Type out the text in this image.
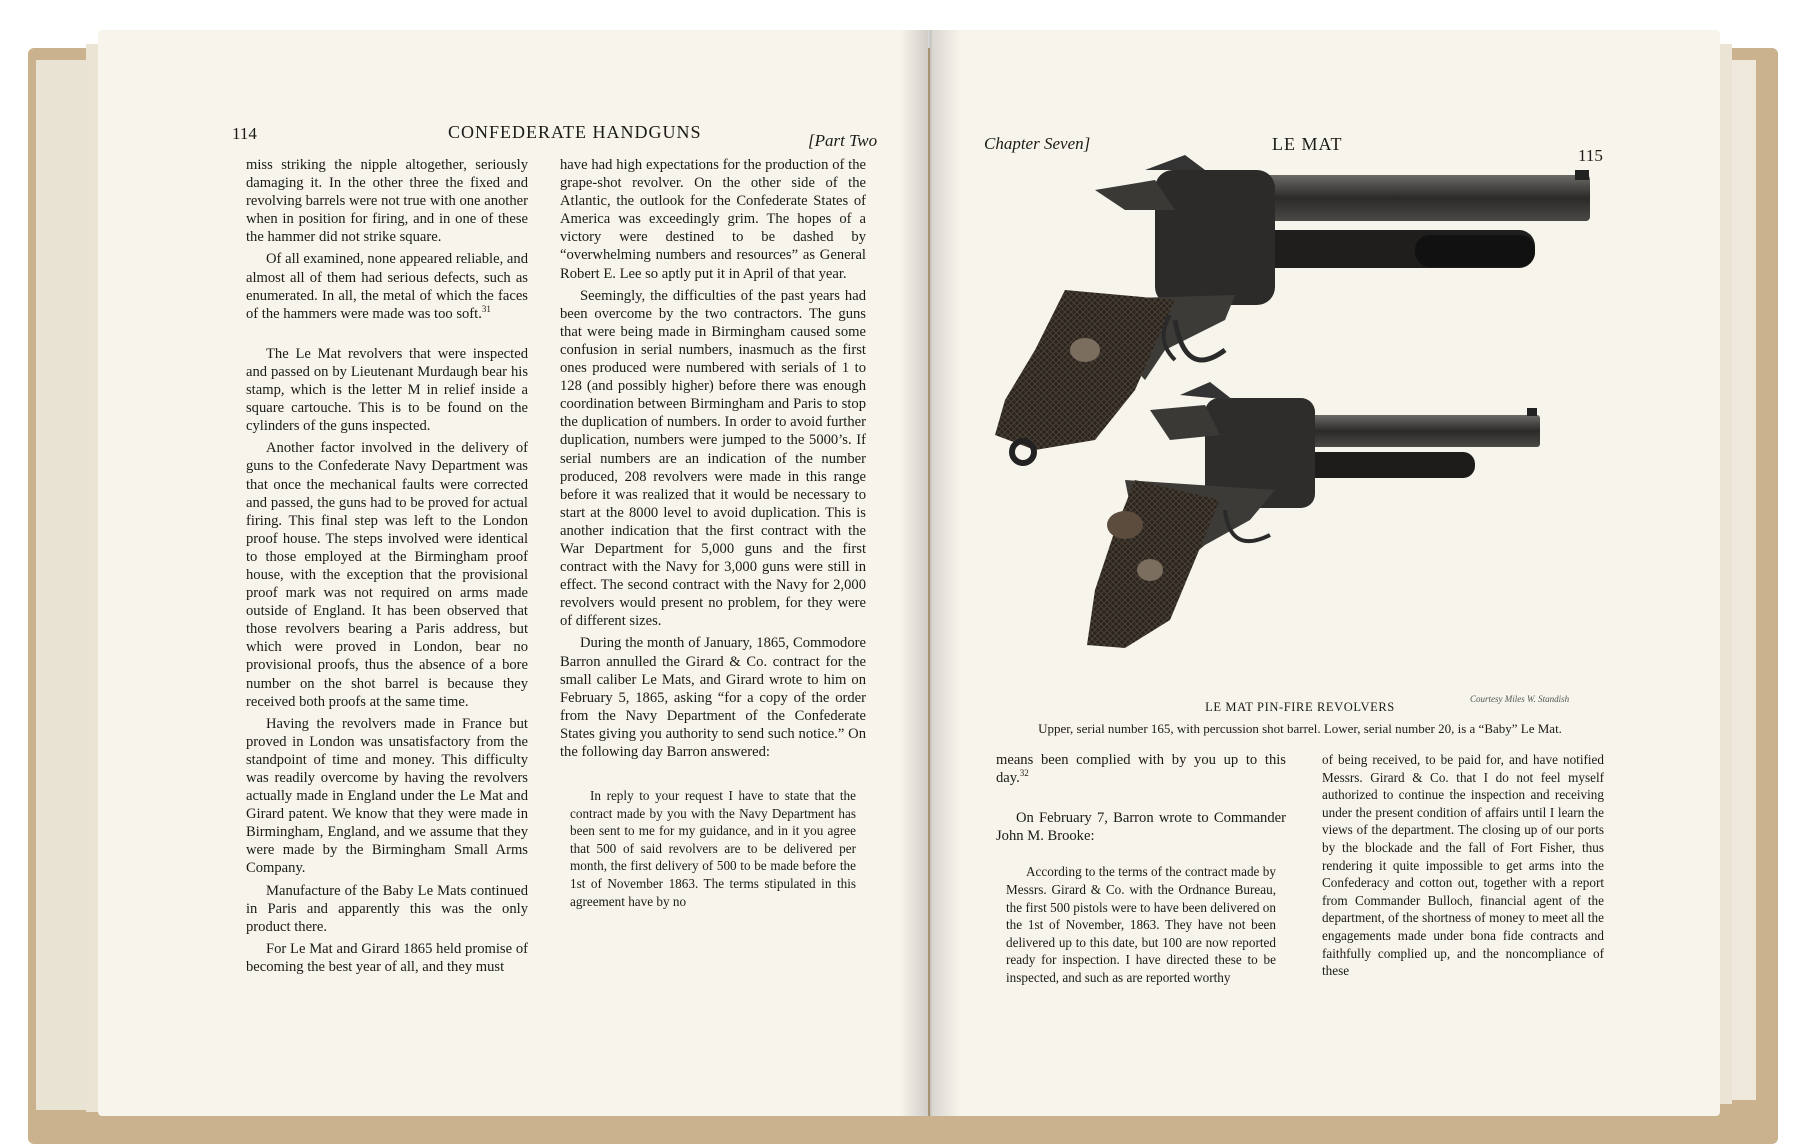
114	CONFEDERATE HANDGUNS	[Part Two

miss striking the nipple altogether, seriously damaging it. In the other three the fixed and revolving barrels were not true with one another when in position for firing, and in one of these the hammer did not strike square.

Of all examined, none appeared reliable, and almost all of them had serious defects, such as enumerated. In all, the metal of which the faces of the hammers were made was too soft.$^{31}$

The Le Mat revolvers that were inspected and passed on by Lieutenant Murdaugh bear his stamp, which is the letter M in relief inside a square cartouche. This is to be found on the cylinders of the guns inspected.

Another factor involved in the delivery of guns to the Confederate Navy Department was that once the mechanical faults were corrected and passed, the guns had to be proved for actual firing. This final step was left to the London proof house. The steps involved were identical to those employed at the Birmingham proof house, with the exception that the provisional proof mark was not required on arms made outside of England. It has been observed that those revolvers bearing a Paris address, but which were proved in London, bear no provisional proofs, thus the absence of a bore number on the shot barrel is because they received both proofs at the same time.

Having the revolvers made in France but proved in London was unsatisfactory from the standpoint of time and money. This difficulty was readily overcome by having the revolvers actually made in England under the Le Mat and Girard patent. We know that they were made in Birmingham, England, and we assume that they were made by the Birmingham Small Arms Company.

Manufacture of the Baby Le Mats continued in Paris and apparently this was the only product there.

For Le Mat and Girard 1865 held promise of becoming the best year of all, and they must

have had high expectations for the production of the grape-shot revolver. On the other side of the Atlantic, the outlook for the Confederate States of America was exceedingly grim. The hopes of a victory were destined to be dashed by “overwhelming numbers and resources” as General Robert E. Lee so aptly put it in April of that year.

Seemingly, the difficulties of the past years had been overcome by the two contractors. The guns that were being made in Birmingham caused some confusion in serial numbers, inasmuch as the first ones produced were numbered with serials of 1 to 128 (and possibly higher) before there was enough coordination between Birmingham and Paris to stop the duplication of numbers. In order to avoid further duplication, numbers were jumped to the 5000’s. If serial numbers are an indication of the number produced, 208 revolvers were made in this range before it was realized that it would be necessary to start at the 8000 level to avoid duplication. This is another indication that the first contract with the War Department for 5,000 guns and the first contract with the Navy for 3,000 guns were still in effect. The second contract with the Navy for 2,000 revolvers would present no problem, for they were of different sizes.

During the month of January, 1865, Commodore Barron annulled the Girard & Co. contract for the small caliber Le Mats, and Girard wrote to him on February 5, 1865, asking “for a copy of the order from the Navy Department of the Confederate States giving you authority to send such notice.” On the following day Barron answered:

In reply to your request I have to state that the contract made by you with the Navy Department has been sent to me for my guidance, and in it you agree that 500 of said revolvers are to be delivered per month, the first delivery of 500 to be made before the 1st of November 1863. The terms stipulated in this agreement have by no

Chapter Seven]	LE MAT
115
Courtesy Miles W. Standish
LE MAT PIN-FIRE REVOLVERS
Upper, serial number 165, with percussion shot barrel. Lower, serial number 20, is a “Baby” Le Mat.

means been complied with by you up to this day.$^{32}$

On February 7, Barron wrote to Commander John M. Brooke:

According to the terms of the contract made by Messrs. Girard & Co. with the Ordnance Bureau, the first 500 pistols were to have been delivered on the 1st of November, 1863. They have not been delivered up to this date, but 100 are now reported ready for inspection. I have directed these to be inspected, and such as are reported worthy

of being received, to be paid for, and have notified Messrs. Girard & Co. that I do not feel myself authorized to continue the inspection and receiving under the present condition of affairs until I learn the views of the department. The closing up of our ports by the blockade and the fall of Fort Fisher, thus rendering it quite impossible to get arms into the Confederacy and cotton out, together with a report from Commander Bulloch, financial agent of the department, of the shortness of money to meet all the engagements made under bona fide contracts and faithfully complied up, and the noncompliance of these
